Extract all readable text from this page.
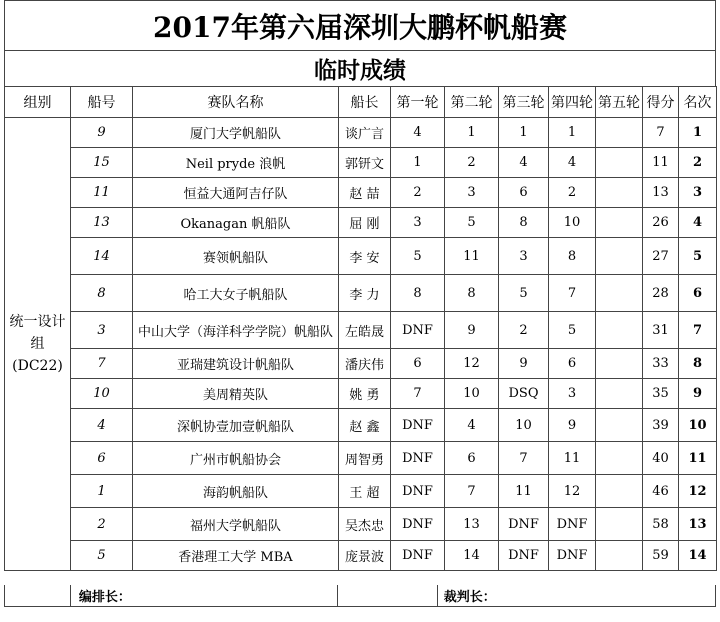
2017年第六届深圳大鹏杯帆船赛
临时成绩
组别	船号	赛队名称	船长	第一轮	第二轮	第三轮	第四轮	第五轮	得分	名次

统一设计
组
(DC22)	9	厦门大学帆船队	谈广言	4	1	1	1		7	1
	15	Neil pryde 浪帆	郭钘文	1	2	4	4		11	2
	11	恒益大通阿吉仔队	赵 喆	2	3	6	2		13	3
	13	Okanagan 帆船队	屈 刚	3	5	8	10		26	4
	14	赛领帆船队	李 安	5	11	3	8		27	5
	8	哈工大女子帆船队	李 力	8	8	5	7		28	6
	3	中山大学（海洋科学学院）帆船队	左皓晟	DNF	9	2	5		31	7
	7	亚瑞建筑设计帆船队	潘庆伟	6	12	9	6		33	8
	10	美周精英队	姚 勇	7	10	DSQ	3		35	9
	4	深帆协壹加壹帆船队	赵 鑫	DNF	4	10	9		39	10
	6	广州市帆船协会	周智勇	DNF	6	7	11		40	11
	1	海韵帆船队	王 超	DNF	7	11	12		46	12
	2	福州大学帆船队	吴杰忠	DNF	13	DNF	DNF		58	13
	5	香港理工大学 MBA	庞景波	DNF	14	DNF	DNF		59	14
编排长：	裁判长：
